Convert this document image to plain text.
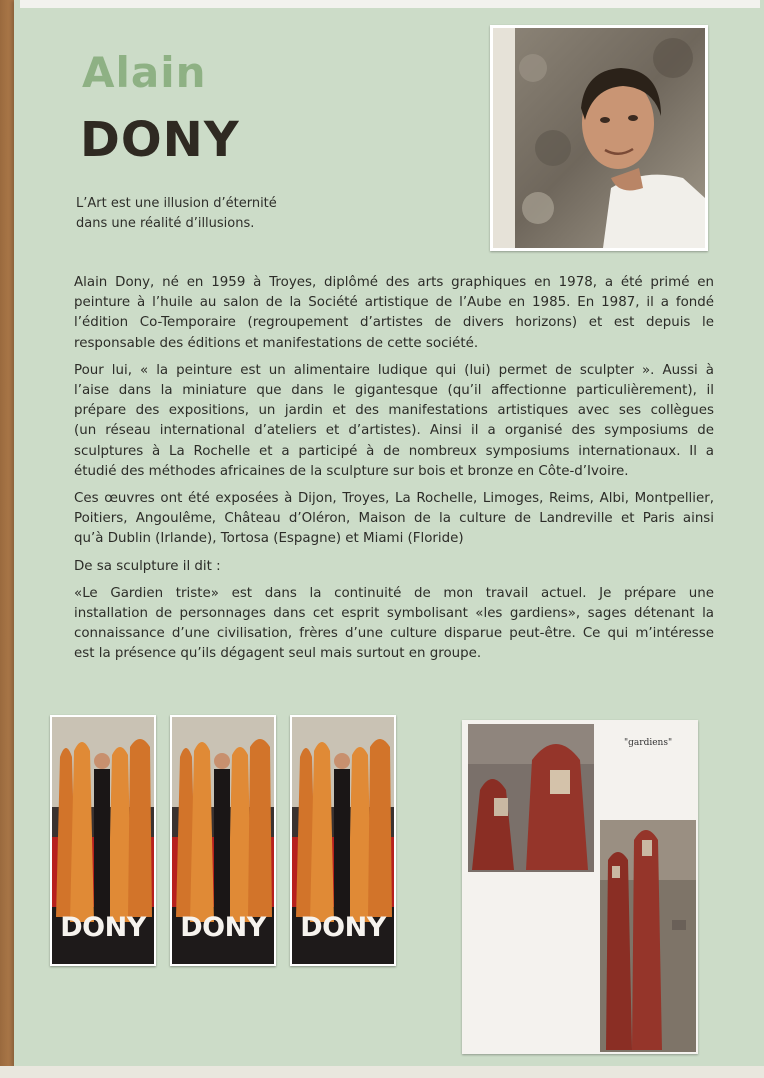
Alain
DONY
L’Art est une illusion d’éternité
dans une réalité d’illusions.

Alain Dony, né en 1959 à Troyes, diplômé des arts graphiques en 1978, a été primé en
peinture à l’huile au salon de la Société artistique de l’Aube en 1985. En 1987, il a fondé
l’édition Co-Temporaire (regroupement d’artistes de divers horizons) et est depuis le
responsable des éditions et manifestations de cette société.

Pour lui, « la peinture est un alimentaire ludique qui (lui) permet de sculpter ». Aussi à
l’aise dans la miniature que dans le gigantesque (qu’il affectionne particulièrement), il
prépare des expositions, un jardin et des manifestations artistiques avec ses collègues
(un réseau international d’ateliers et d’artistes). Ainsi il a organisé des symposiums de
sculptures à La Rochelle et a participé à de nombreux symposiums internationaux. Il a
étudié des méthodes africaines de la sculpture sur bois et bronze en Côte-d’Ivoire.

Ces œuvres ont été exposées à Dijon, Troyes, La Rochelle, Limoges, Reims, Albi, Montpellier,
Poitiers, Angoulême, Château d’Oléron, Maison de la culture de Landreville et Paris ainsi
qu’à Dublin (Irlande), Tortosa (Espagne) et Miami (Floride)

De sa sculpture il dit :

«Le Gardien triste» est dans la continuité de mon travail actuel. Je prépare une
installation de personnages dans cet esprit symbolisant «les gardiens», sages détenant la
connaissance d’une civilisation, frères d’une culture disparue peut-être. Ce qui m’intéresse
est la présence qu’ils dégagent seul mais surtout en groupe.

DONY	DONY	DONY
"gardiens"
